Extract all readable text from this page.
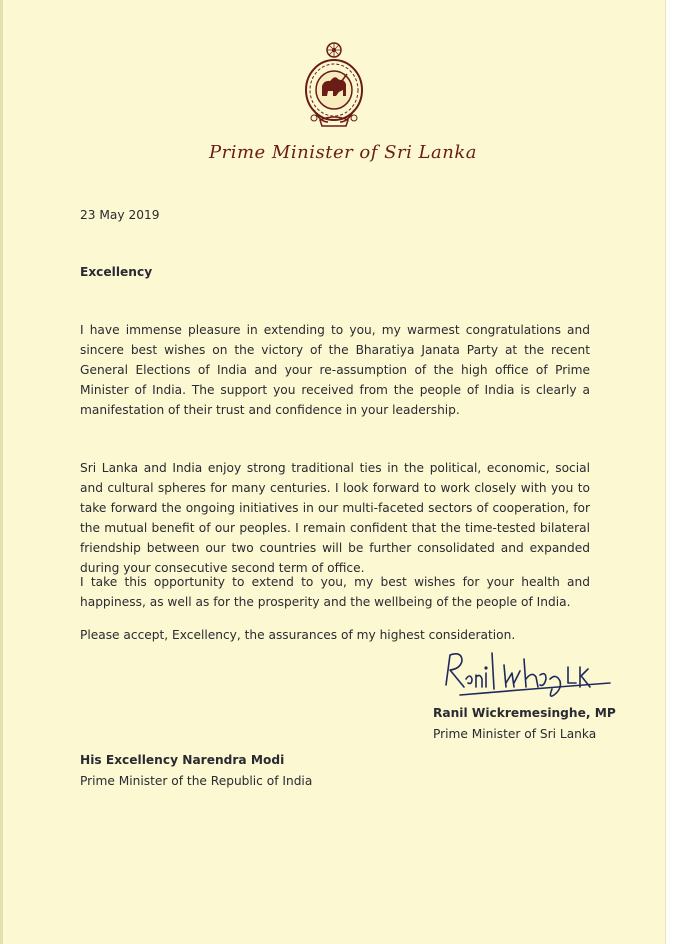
Prime Minister of Sri Lanka

23 May 2019

Excellency

I have immense pleasure in extending to you, my warmest congratulations and sincere best wishes on the victory of the Bharatiya Janata Party at the recent General Elections of India and your re-assumption of the high office of Prime Minister of India. The support you received from the people of India is clearly a manifestation of their trust and confidence in your leadership.

Sri Lanka and India enjoy strong traditional ties in the political, economic, social and cultural spheres for many centuries. I look forward to work closely with you to take forward the ongoing initiatives in our multi-faceted sectors of cooperation, for the mutual benefit of our peoples. I remain confident that the time-tested bilateral friendship between our two countries will be further consolidated and expanded during your consecutive second term of office.

I take this opportunity to extend to you, my best wishes for your health and happiness, as well as for the prosperity and the wellbeing of the people of India.

Please accept, Excellency, the assurances of my highest consideration.

Ranil Wickremesinghe, MP

Prime Minister of Sri Lanka

His Excellency Narendra Modi

Prime Minister of the Republic of India
